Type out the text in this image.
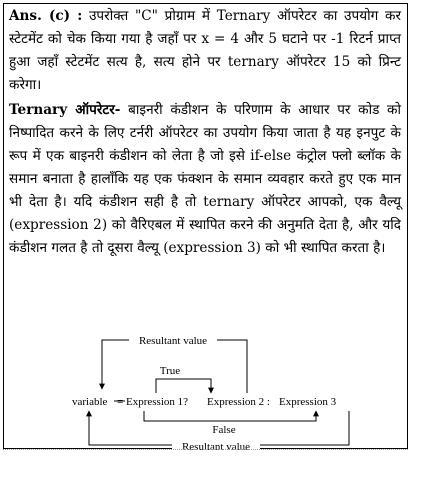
Ans. (c) : उपरोक्त "C" प्रोग्राम में Ternary ऑपरेटर का उपयोग कर स्टेटमेंट को चेक किया गया है जहाँ पर x = 4 और 5 घटाने पर -1 रिटर्न प्राप्त हुआ जहाँ स्टेटमेंट सत्य है, सत्य होने पर ternary ऑपरेटर 15 को प्रिन्ट करेगा।

Ternary ऑपरेटर- बाइनरी कंडीशन के परिणाम के आधार पर कोड को निष्पादित करने के लिए टर्नरी ऑपरेटर का उपयोग किया जाता है यह इनपुट के रूप में एक बाइनरी कंडीशन को लेता है जो इसे if-else कंट्रोल फ्लो ब्लॉक के समान बनाता है हालाँकि यह एक फंक्शन के समान व्यवहार करते हुए एक मान भी देता है। यदि कंडीशन सही है तो ternary ऑपरेटर आपको, एक वैल्यू (expression 2) को वैरिएबल में स्थापित करने की अनुमति देता है, और यदि कंडीशन गलत है तो दूसरा वैल्यू (expression 3) को भी स्थापित करता है।

Resultant value
True
variable = Expression 1? Expression 2 : Expression 3
False
Resultant value
